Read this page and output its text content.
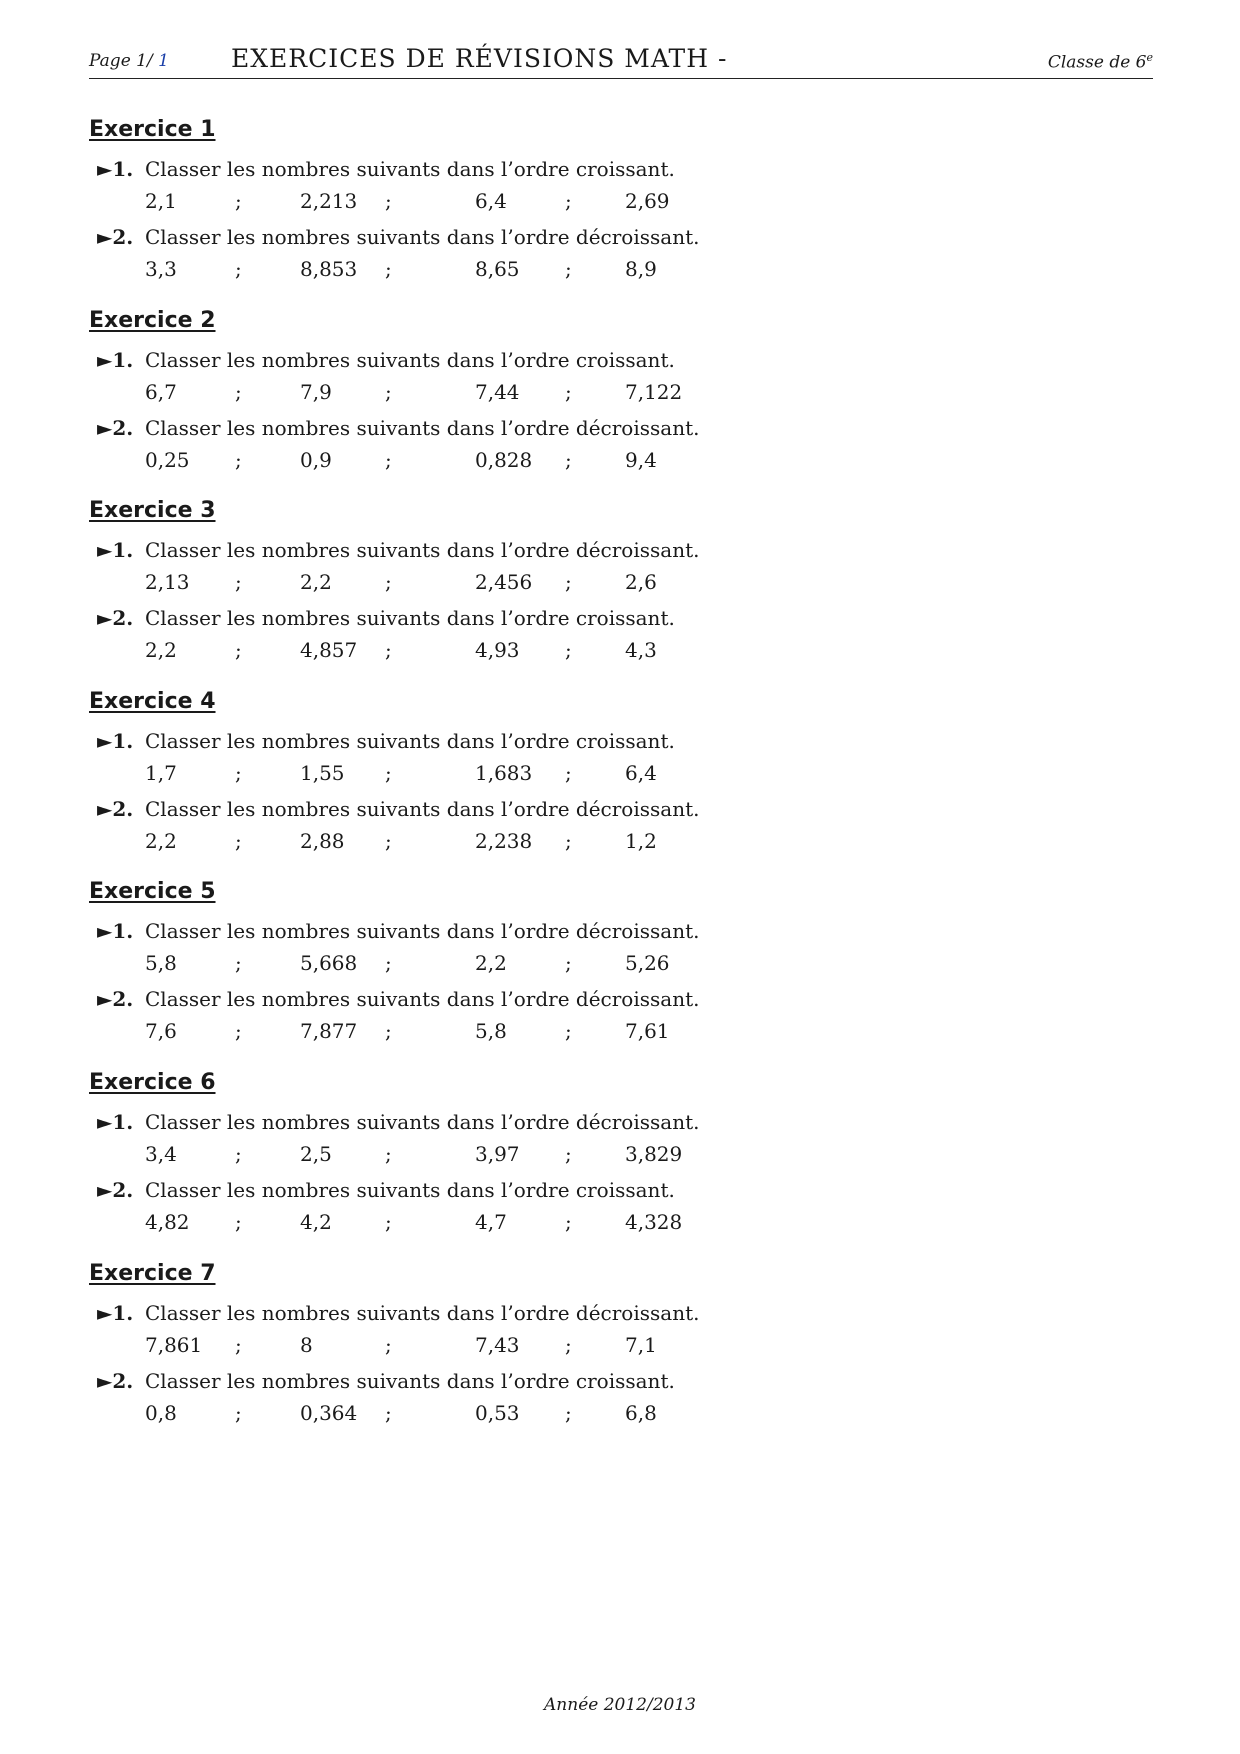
Page 1/ 1 EXERCICES DE RÉVISIONS MATH -	Classe de 6e
Exercice 1
►1. Classer les nombres suivants dans l’ordre croissant.
2,1	;	2,213 ;	6,4	;	2,69
►2. Classer les nombres suivants dans l’ordre décroissant.
3,3	;	8,853 ;	8,65 ;	8,9
Exercice 2
►1. Classer les nombres suivants dans l’ordre croissant.
6,7	;	7,9	;	7,44 ;	7,122
►2. Classer les nombres suivants dans l’ordre décroissant.
0,25 ;	0,9	;	0,828 ;	9,4
Exercice 3
►1. Classer les nombres suivants dans l’ordre décroissant.
2,13 ;	2,2	;	2,456 ;	2,6
►2. Classer les nombres suivants dans l’ordre croissant.
2,2	;	4,857 ;	4,93 ;	4,3
Exercice 4
►1. Classer les nombres suivants dans l’ordre croissant.
1,7	;	1,55 ;	1,683 ;	6,4
►2. Classer les nombres suivants dans l’ordre décroissant.
2,2	;	2,88 ;	2,238 ;	1,2
Exercice 5
►1. Classer les nombres suivants dans l’ordre décroissant.
5,8	;	5,668 ;	2,2	;	5,26
►2. Classer les nombres suivants dans l’ordre décroissant.
7,6	;	7,877 ;	5,8	;	7,61
Exercice 6
►1. Classer les nombres suivants dans l’ordre décroissant.
3,4	;	2,5	;	3,97 ;	3,829
►2. Classer les nombres suivants dans l’ordre croissant.
4,82 ;	4,2	;	4,7	;	4,328
Exercice 7
►1. Classer les nombres suivants dans l’ordre décroissant.
7,861 ;	8	;	7,43 ;	7,1
►2. Classer les nombres suivants dans l’ordre croissant.
0,8	;	0,364 ;	0,53 ;	6,8
Année 2012/2013
